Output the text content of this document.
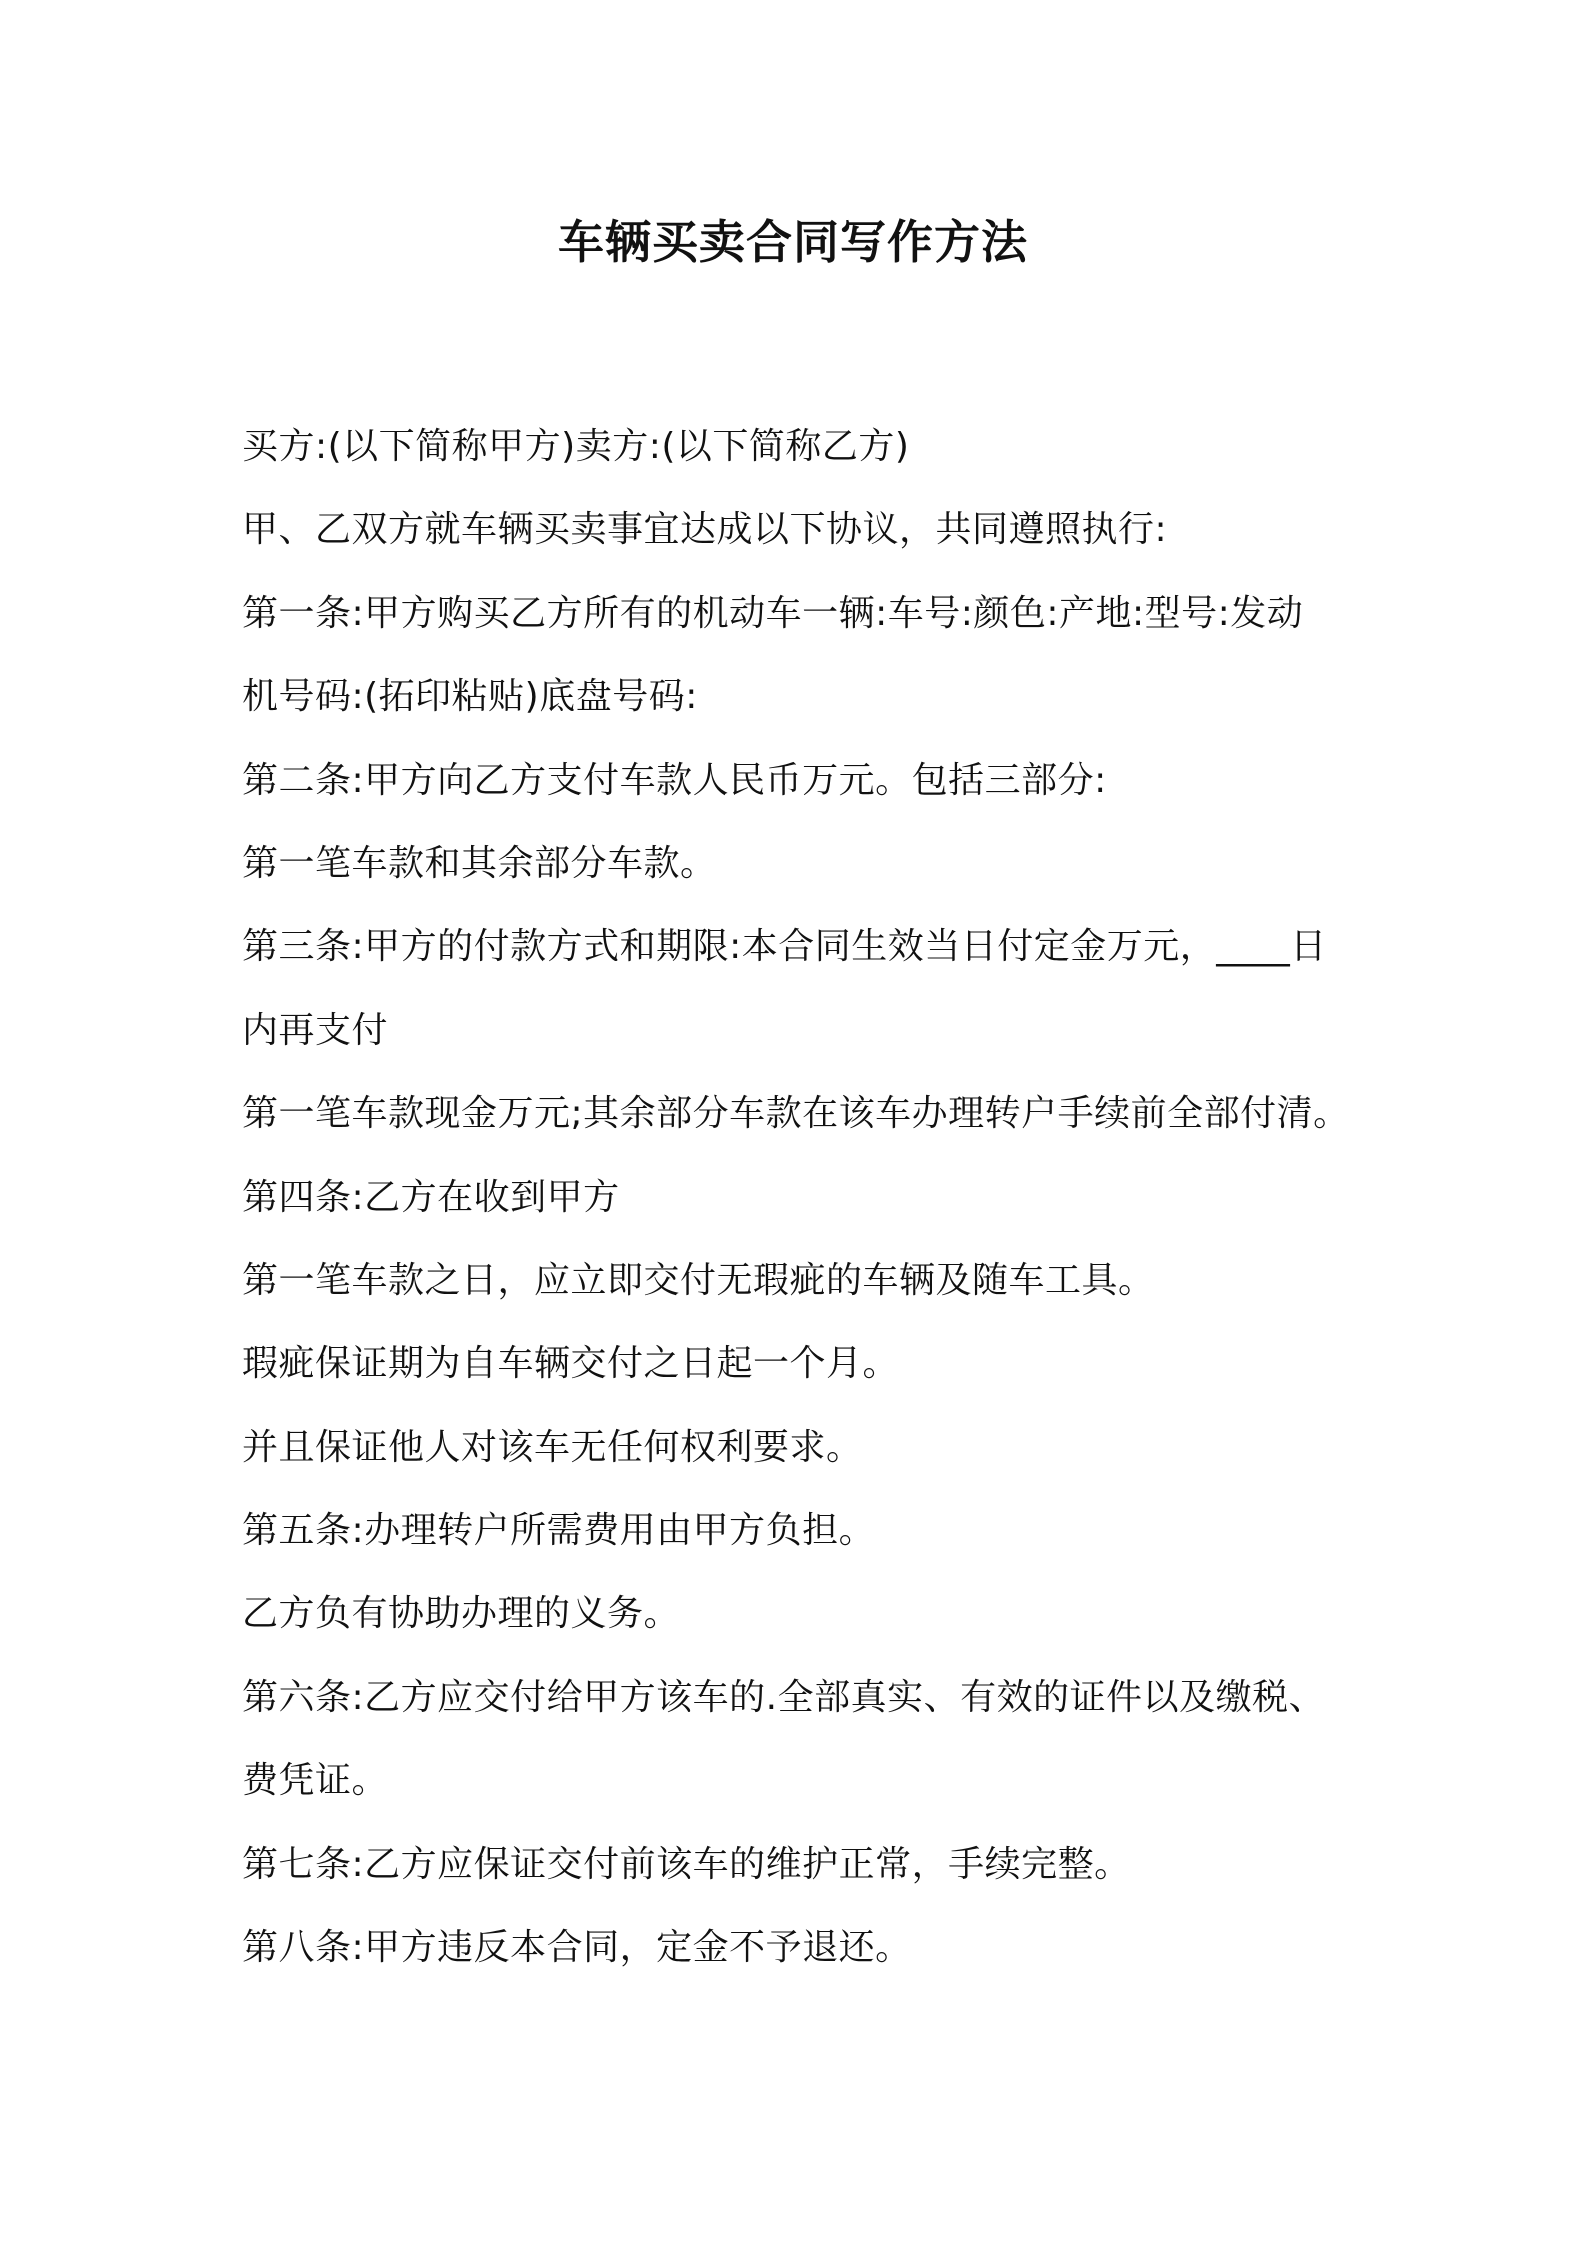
车辆买卖合同写作方法
买方:(以下简称甲方)卖方:(以下简称乙方)
甲、乙双方就车辆买卖事宜达成以下协议，共同遵照执行:
第一条:甲方购买乙方所有的机动车一辆:车号:颜色:产地:型号:发动
机号码:(拓印粘贴)底盘号码:
第二条:甲方向乙方支付车款人民币万元。包括三部分:
第一笔车款和其余部分车款。
第三条:甲方的付款方式和期限:本合同生效当日付定金万元，____日
内再支付
第一笔车款现金万元;其余部分车款在该车办理转户手续前全部付清。
第四条:乙方在收到甲方
第一笔车款之日，应立即交付无瑕疵的车辆及随车工具。
瑕疵保证期为自车辆交付之日起一个月。
并且保证他人对该车无任何权利要求。
第五条:办理转户所需费用由甲方负担。
乙方负有协助办理的义务。
第六条:乙方应交付给甲方该车的.全部真实、有效的证件以及缴税、
费凭证。
第七条:乙方应保证交付前该车的维护正常，手续完整。
第八条:甲方违反本合同，定金不予退还。
